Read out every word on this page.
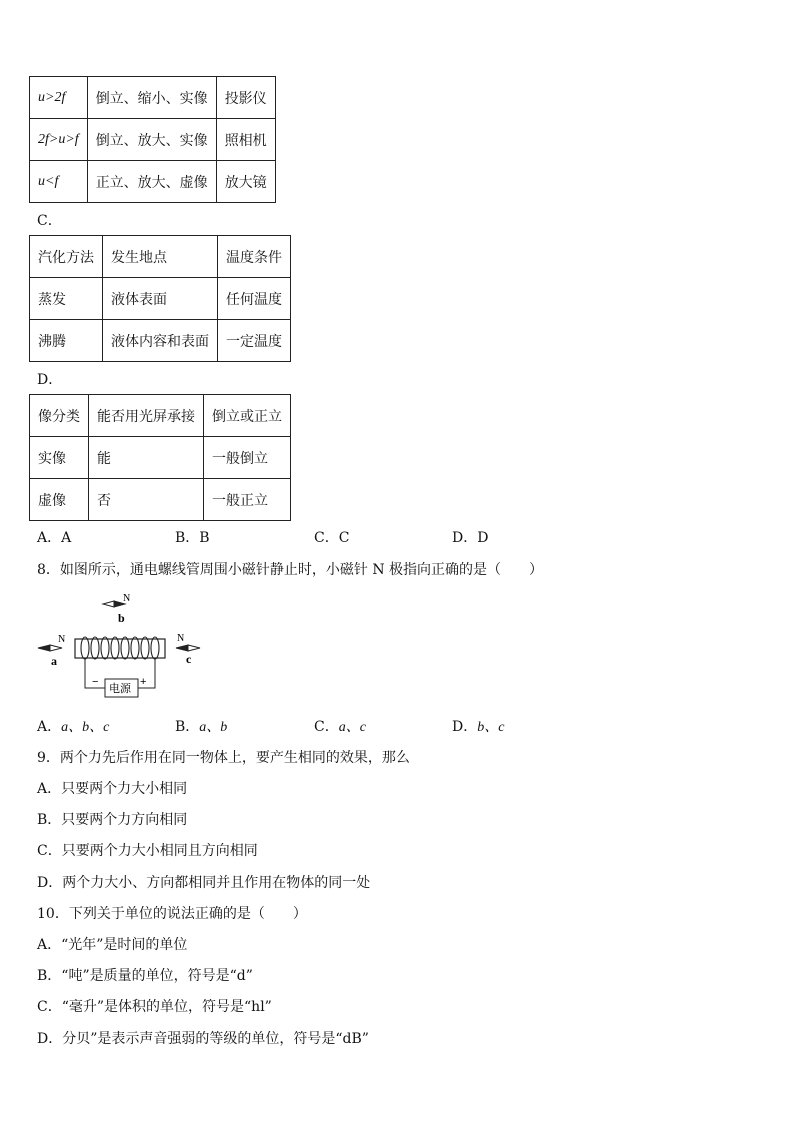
u>2f	倒立、缩小、实像	投影仪
2f>u>f	倒立、放大、实像	照相机
u<f	正立、放大、虚像	放大镜
C．
汽化方法	发生地点	温度条件
蒸发	液体表面	任何温度
沸腾	液体内容和表面	一定温度
D．
像分类	能否用光屏承接	倒立或正立
实像	能	一般倒立
虚像	否	一般正立
A．A	B．B	C．C	D．D
8．如图所示，通电螺线管周围小磁针静止时，小磁针 N 极指向正确的是（　　）
N
b
N
a
N
c
电源
−	+
A．a、b、c	B．a、b	C．a、c	D．b、c
9．两个力先后作用在同一物体上，要产生相同的效果，那么
A．只要两个力大小相同
B．只要两个力方向相同
C．只要两个力大小相同且方向相同
D．两个力大小、方向都相同并且作用在物体的同一处
10．下列关于单位的说法正确的是（　　）
A．“光年”是时间的单位
B．“吨”是质量的单位，符号是“d”
C．“毫升”是体积的单位，符号是“hl”
D．分贝”是表示声音强弱的等级的单位，符号是“dB”
